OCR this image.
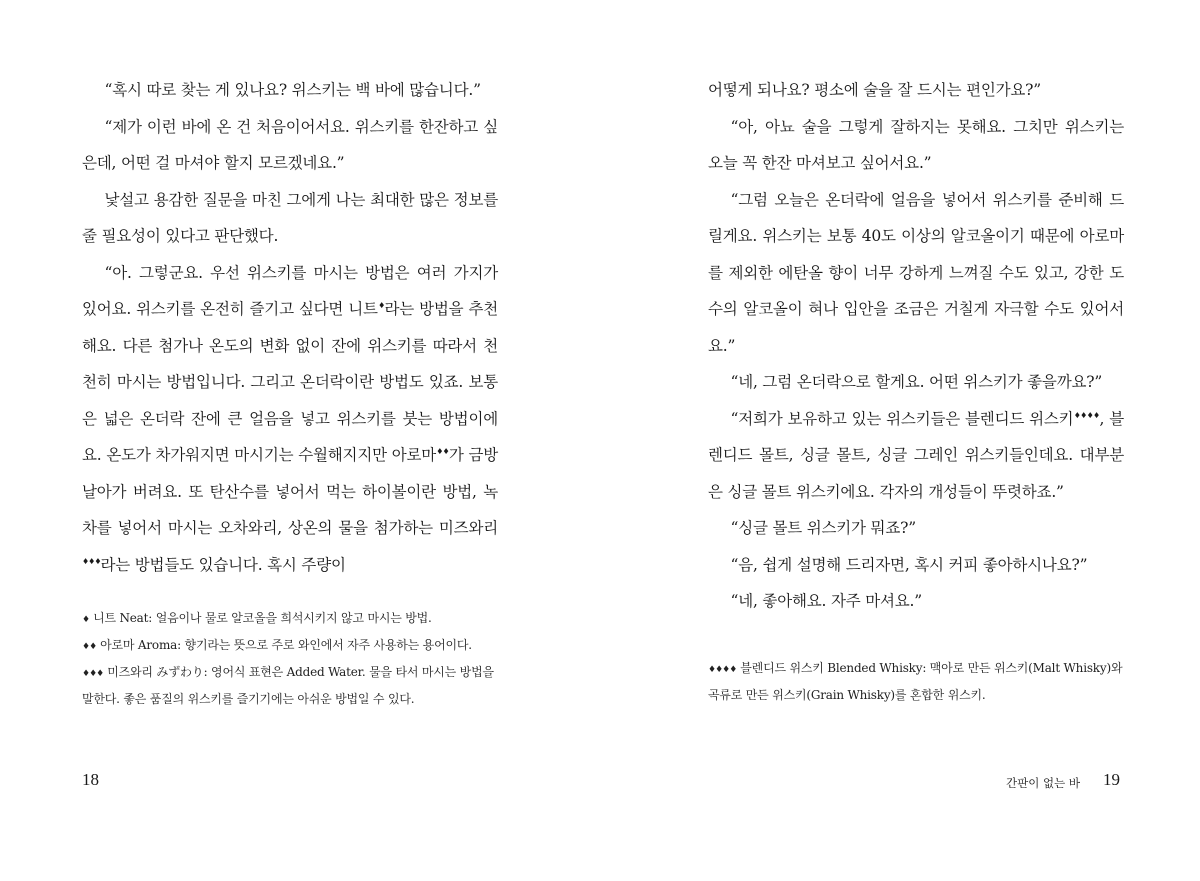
“혹시 따로 찾는 게 있나요? 위스키는 백 바에 많습니다.”

“제가 이런 바에 온 건 처음이어서요. 위스키를 한잔하고 싶은데, 어떤 걸 마셔야 할지 모르겠네요.”

낯설고 용감한 질문을 마친 그에게 나는 최대한 많은 정보를 줄 필요성이 있다고 판단했다.

“아. 그렇군요. 우선 위스키를 마시는 방법은 여러 가지가 있어요. 위스키를 온전히 즐기고 싶다면 니트♦라는 방법을 추천해요. 다른 첨가나 온도의 변화 없이 잔에 위스키를 따라서 천천히 마시는 방법입니다. 그리고 온더락이란 방법도 있죠. 보통은 넓은 온더락 잔에 큰 얼음을 넣고 위스키를 붓는 방법이에요. 온도가 차가워지면 마시기는 수월해지지만 아로마♦♦가 금방 날아가 버려요. 또 탄산수를 넣어서 먹는 하이볼이란 방법, 녹차를 넣어서 마시는 오차와리, 상온의 물을 첨가하는 미즈와리♦♦♦라는 방법들도 있습니다. 혹시 주량이

♦ 니트 Neat: 얼음이나 물로 알코올을 희석시키지 않고 마시는 방법.

♦♦ 아로마 Aroma: 향기라는 뜻으로 주로 와인에서 자주 사용하는 용어이다.

♦♦♦ 미즈와리 みずわり: 영어식 표현은 Added Water. 물을 타서 마시는 방법을 말한다. 좋은 품질의 위스키를 즐기기에는 아쉬운 방법일 수 있다.

18

어떻게 되나요? 평소에 술을 잘 드시는 편인가요?”

“아, 아뇨 술을 그렇게 잘하지는 못해요. 그치만 위스키는 오늘 꼭 한잔 마셔보고 싶어서요.”

“그럼 오늘은 온더락에 얼음을 넣어서 위스키를 준비해 드릴게요. 위스키는 보통 40도 이상의 알코올이기 때문에 아로마를 제외한 에탄올 향이 너무 강하게 느껴질 수도 있고, 강한 도수의 알코올이 혀나 입안을 조금은 거칠게 자극할 수도 있어서요.”

“네, 그럼 온더락으로 할게요. 어떤 위스키가 좋을까요?”

“저희가 보유하고 있는 위스키들은 블렌디드 위스키♦♦♦♦, 블렌디드 몰트, 싱글 몰트, 싱글 그레인 위스키들인데요. 대부분은 싱글 몰트 위스키에요. 각자의 개성들이 뚜렷하죠.”

“싱글 몰트 위스키가 뭐죠?”

“음, 쉽게 설명해 드리자면, 혹시 커피 좋아하시나요?”

“네, 좋아해요. 자주 마셔요.”

♦♦♦♦ 블렌디드 위스키 Blended Whisky: 맥아로 만든 위스키(Malt Whisky)와 곡류로 만든 위스키(Grain Whisky)를 혼합한 위스키.

간판이 없는 바 19
